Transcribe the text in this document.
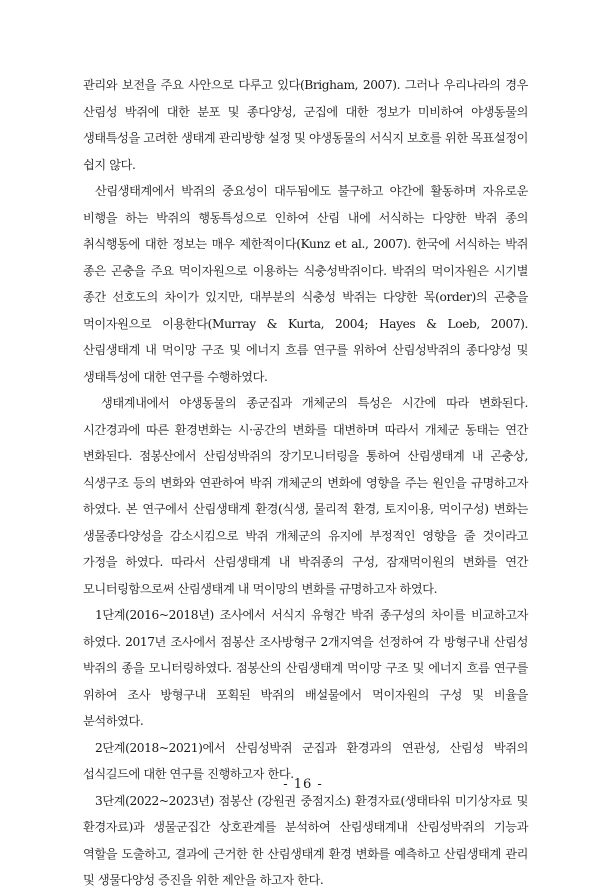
관리와 보전을 주요 사안으로 다루고 있다(Brigham, 2007). 그러나 우리나라의 경우 산림성 박쥐에 대한 분포 및 종다양성, 군집에 대한 정보가 미비하여 야생동물의 생태특성을 고려한 생태계 관리방향 설정 및 야생동물의 서식지 보호를 위한 목표설정이 쉽지 않다.

산림생태계에서 박쥐의 중요성이 대두됨에도 불구하고 야간에 활동하며 자유로운 비행을 하는 박쥐의 행동특성으로 인하여 산림 내에 서식하는 다양한 박쥐 종의 취식행동에 대한 정보는 매우 제한적이다(Kunz et al., 2007). 한국에 서식하는 박쥐 종은 곤충을 주요 먹이자원으로 이용하는 식충성박쥐이다. 박쥐의 먹이자원은 시기별 종간 선호도의 차이가 있지만, 대부분의 식충성 박쥐는 다양한 목(order)의 곤충을 먹이자원으로 이용한다(Murray & Kurta, 2004; Hayes & Loeb, 2007). 산림생태계 내 먹이망 구조 및 에너지 흐름 연구를 위하여 산림성박쥐의 종다양성 및 생태특성에 대한 연구를 수행하였다.

생태계내에서 야생동물의 종군집과 개체군의 특성은 시간에 따라 변화된다. 시간경과에 따른 환경변화는 시·공간의 변화를 대변하며 따라서 개체군 동태는 연간 변화된다. 점봉산에서 산림성박쥐의 장기모니터링을 통하여 산림생태계 내 곤충상, 식생구조 등의 변화와 연관하여 박쥐 개체군의 변화에 영향을 주는 원인을 규명하고자 하였다. 본 연구에서 산림생태계 환경(식생, 물리적 환경, 토지이용, 먹이구성) 변화는 생물종다양성을 감소시킴으로 박쥐 개체군의 유지에 부정적인 영향을 줄 것이라고 가정을 하였다. 따라서 산림생태계 내 박쥐종의 구성, 잠재먹이원의 변화를 연간 모니터링함으로써 산림생태계 내 먹이망의 변화를 규명하고자 하였다.

1단계(2016~2018년) 조사에서 서식지 유형간 박쥐 종구성의 차이를 비교하고자 하였다. 2017년 조사에서 점봉산 조사방형구 2개지역을 선정하여 각 방형구내 산림성 박쥐의 종을 모니터링하였다. 점봉산의 산림생태계 먹이망 구조 및 에너지 흐름 연구를 위하여 조사 방형구내 포획된 박쥐의 배설물에서 먹이자원의 구성 및 비율을 분석하였다.

2단계(2018~2021)에서 산림성박쥐 군집과 환경과의 연관성, 산림성 박쥐의 섭식길드에 대한 연구를 진행하고자 한다.

3단계(2022~2023년) 점봉산 (강원권 중점지소) 환경자료(생태타워 미기상자료 및 환경자료)과 생물군집간 상호관계를 분석하여 산림생태계내 산림성박쥐의 기능과 역할을 도출하고, 결과에 근거한 한 산림생태계 환경 변화를 예측하고 산림생태계 관리 및 생물다양성 증진을 위한 제안을 하고자 한다.

- 16 -
